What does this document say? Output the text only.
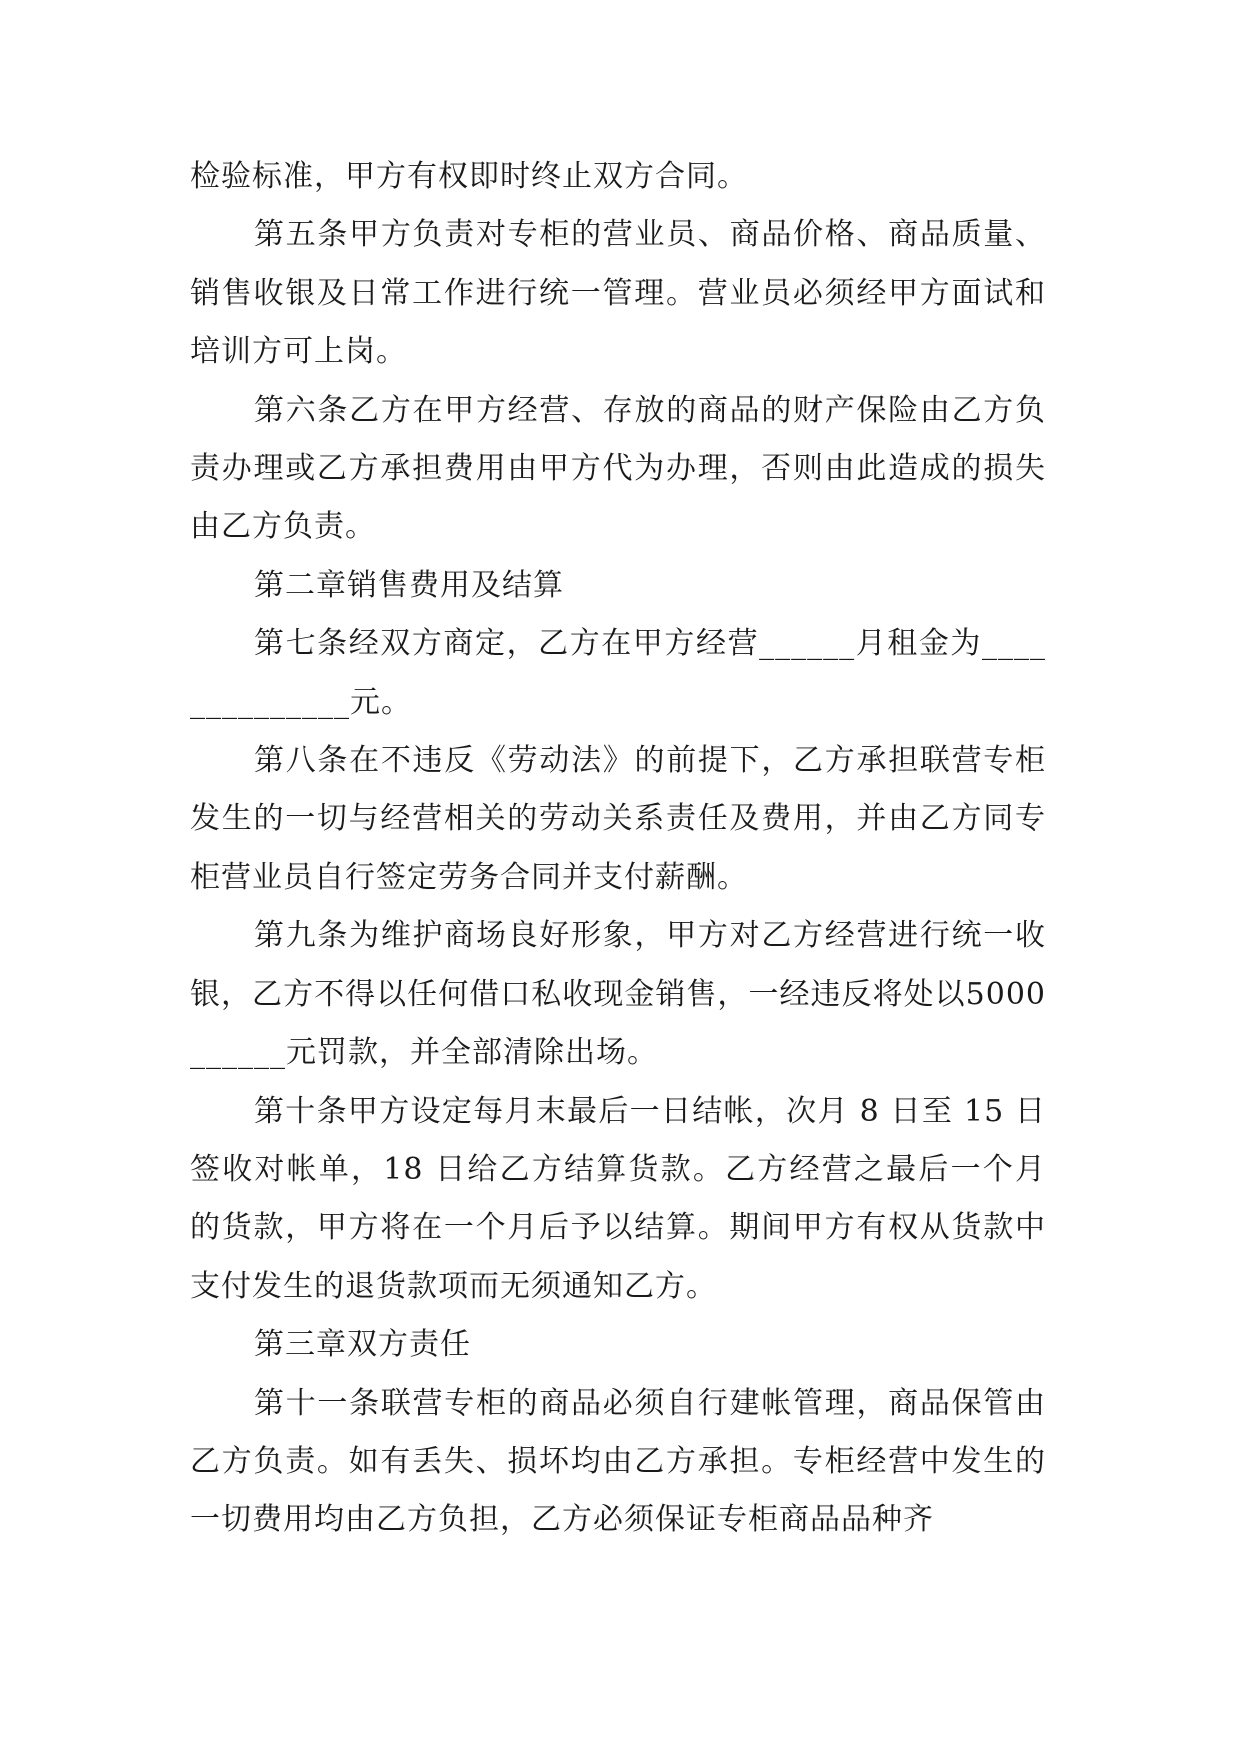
检验标准，甲方有权即时终止双方合同。

第五条甲方负责对专柜的营业员、商品价格、商品质量、销售收银及日常工作进行统一管理。营业员必须经甲方面试和培训方可上岗。

第六条乙方在甲方经营、存放的商品的财产保险由乙方负责办理或乙方承担费用由甲方代为办理，否则由此造成的损失由乙方负责。

第二章销售费用及结算

第七条经双方商定，乙方在甲方经营______月租金为______________元。

第八条在不违反《劳动法》的前提下，乙方承担联营专柜发生的一切与经营相关的劳动关系责任及费用，并由乙方同专柜营业员自行签定劳务合同并支付薪酬。

第九条为维护商场良好形象，甲方对乙方经营进行统一收银，乙方不得以任何借口私收现金销售，一经违反将处以5000______元罚款，并全部清除出场。

第十条甲方设定每月末最后一日结帐，次月 8 日至 15 日签收对帐单，18 日给乙方结算货款。乙方经营之最后一个月的货款，甲方将在一个月后予以结算。期间甲方有权从货款中支付发生的退货款项而无须通知乙方。

第三章双方责任

第十一条联营专柜的商品必须自行建帐管理，商品保管由乙方负责。如有丢失、损坏均由乙方承担。专柜经营中发生的一切费用均由乙方负担，乙方必须保证专柜商品品种齐
